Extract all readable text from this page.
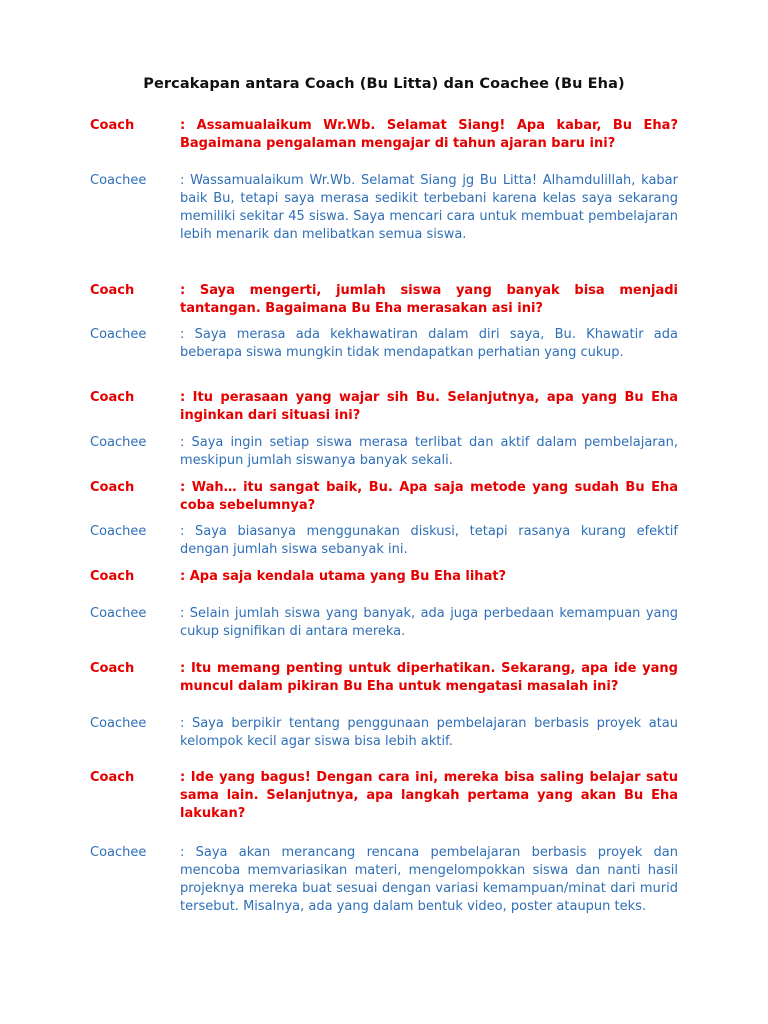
Percakapan antara Coach (Bu Litta) dan Coachee (Bu Eha)
Coach	: Assamualaikum Wr.Wb. Selamat Siang! Apa kabar, Bu Eha? Bagaimana pengalaman mengajar di tahun ajaran baru ini?
Coachee	: Wassamualaikum Wr.Wb. Selamat Siang jg Bu Litta! Alhamdulillah, kabar baik Bu, tetapi saya merasa sedikit terbebani karena kelas saya sekarang memiliki sekitar 45 siswa. Saya mencari cara untuk membuat pembelajaran lebih menarik dan melibatkan semua siswa.
Coach	: Saya mengerti, jumlah siswa yang banyak bisa menjadi tantangan. Bagaimana Bu Eha merasakan asi ini?
Coachee	: Saya merasa ada kekhawatiran dalam diri saya, Bu. Khawatir ada beberapa siswa mungkin tidak mendapatkan perhatian yang cukup.
Coach	: Itu perasaan yang wajar sih Bu. Selanjutnya, apa yang Bu Eha inginkan dari situasi ini?
Coachee	: Saya ingin setiap siswa merasa terlibat dan aktif dalam pembelajaran, meskipun jumlah siswanya banyak sekali.
Coach	: Wah… itu sangat baik, Bu. Apa saja metode yang sudah Bu Eha coba sebelumnya?
Coachee	: Saya biasanya menggunakan diskusi, tetapi rasanya kurang efektif dengan jumlah siswa sebanyak ini.
Coach	: Apa saja kendala utama yang Bu Eha lihat?
Coachee	: Selain jumlah siswa yang banyak, ada juga perbedaan kemampuan yang cukup signifikan di antara mereka.
Coach	: Itu memang penting untuk diperhatikan. Sekarang, apa ide yang muncul dalam pikiran Bu Eha untuk mengatasi masalah ini?
Coachee	: Saya berpikir tentang penggunaan pembelajaran berbasis proyek atau kelompok kecil agar siswa bisa lebih aktif.
Coach	: Ide yang bagus! Dengan cara ini, mereka bisa saling belajar satu sama lain. Selanjutnya, apa langkah pertama yang akan Bu Eha lakukan?
Coachee	: Saya akan merancang rencana pembelajaran berbasis proyek dan mencoba memvariasikan materi, mengelompokkan siswa dan nanti hasil projeknya mereka buat sesuai dengan variasi kemampuan/minat dari murid tersebut. Misalnya, ada yang dalam bentuk video, poster ataupun teks.
